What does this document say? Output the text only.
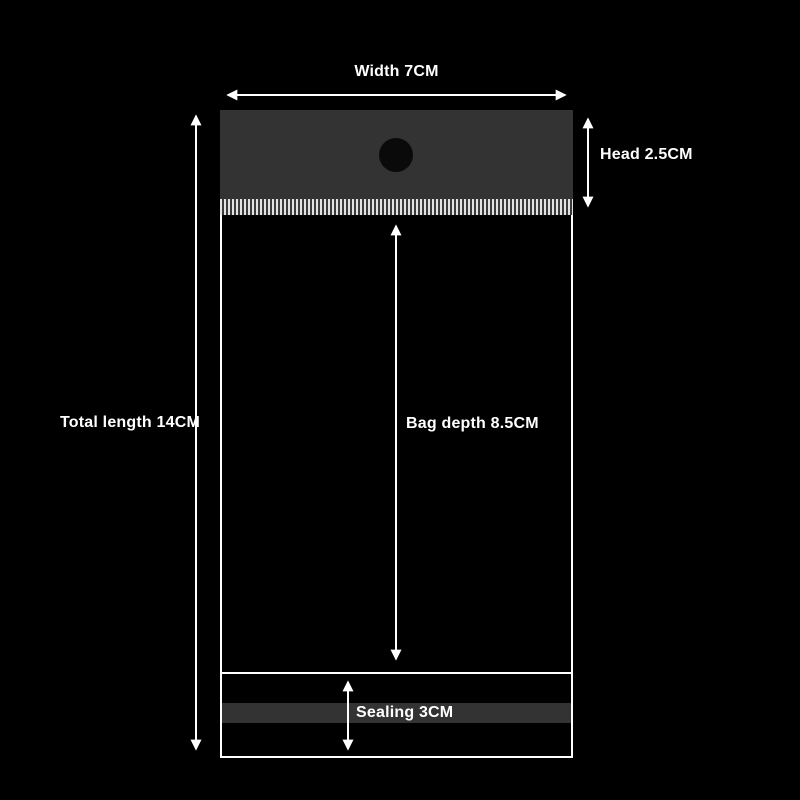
Width 7CM
Head 2.5CM
Total length 14CM	Bag depth 8.5CM
Sealing 3CM
